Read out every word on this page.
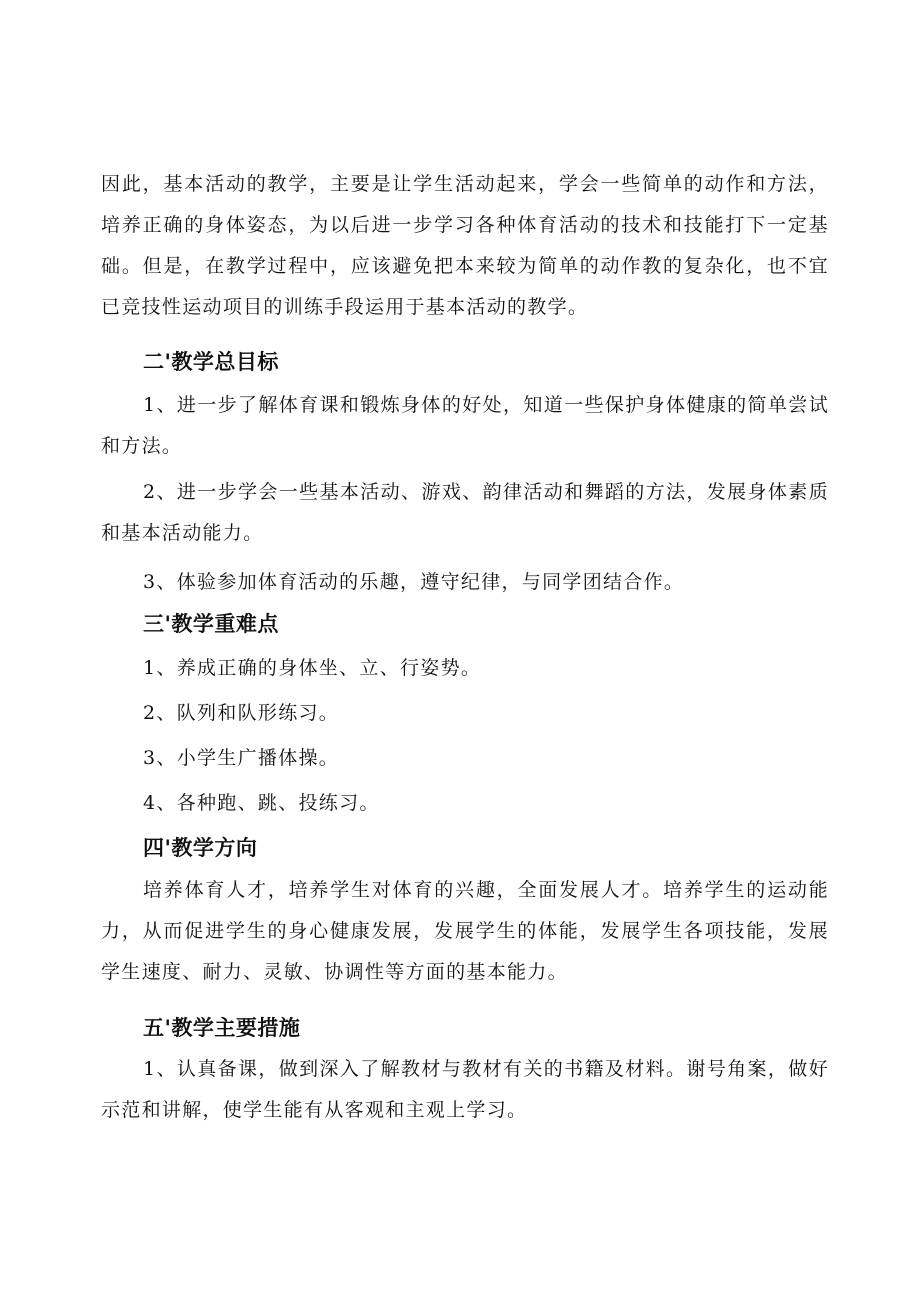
因此，基本活动的教学，主要是让学生活动起来，学会一些简单的动作和方法，培养正确的身体姿态，为以后进一步学习各种体育活动的技术和技能打下一定基础。但是，在教学过程中，应该避免把本来较为简单的动作教的复杂化，也不宜已竞技性运动项目的训练手段运用于基本活动的教学。

二'教学总目标

1、进一步了解体育课和锻炼身体的好处，知道一些保护身体健康的简单尝试和方法。

2、进一步学会一些基本活动、游戏、韵律活动和舞蹈的方法，发展身体素质和基本活动能力。

3、体验参加体育活动的乐趣，遵守纪律，与同学团结合作。

三'教学重难点

1、养成正确的身体坐、立、行姿势。

2、队列和队形练习。

3、小学生广播体操。

4、各种跑、跳、投练习。

四'教学方向

培养体育人才，培养学生对体育的兴趣，全面发展人才。培养学生的运动能力，从而促进学生的身心健康发展，发展学生的体能，发展学生各项技能，发展学生速度、耐力、灵敏、协调性等方面的基本能力。

五'教学主要措施

1、认真备课，做到深入了解教材与教材有关的书籍及材料。谢号角案，做好示范和讲解，使学生能有从客观和主观上学习。
